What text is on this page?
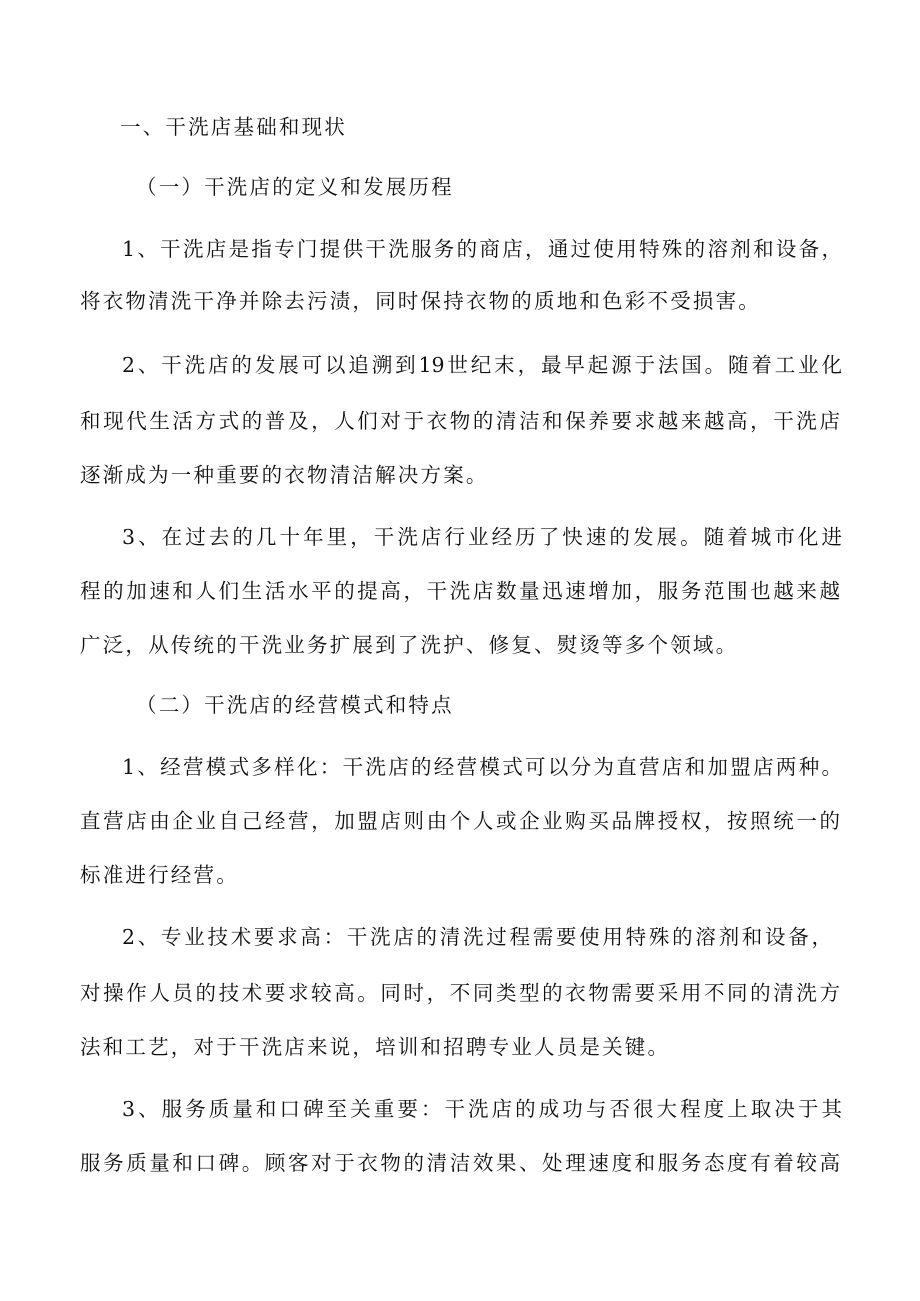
一、干洗店基础和现状
（一）干洗店的定义和发展历程
1、干洗店是指专门提供干洗服务的商店，通过使用特殊的溶剂和设备，
将衣物清洗干净并除去污渍，同时保持衣物的质地和色彩不受损害。
2、干洗店的发展可以追溯到19世纪末，最早起源于法国。随着工业化
和现代生活方式的普及，人们对于衣物的清洁和保养要求越来越高，干洗店
逐渐成为一种重要的衣物清洁解决方案。
3、在过去的几十年里，干洗店行业经历了快速的发展。随着城市化进
程的加速和人们生活水平的提高，干洗店数量迅速增加，服务范围也越来越
广泛，从传统的干洗业务扩展到了洗护、修复、熨烫等多个领域。
（二）干洗店的经营模式和特点
1、经营模式多样化：干洗店的经营模式可以分为直营店和加盟店两种。
直营店由企业自己经营，加盟店则由个人或企业购买品牌授权，按照统一的
标准进行经营。
2、专业技术要求高：干洗店的清洗过程需要使用特殊的溶剂和设备，
对操作人员的技术要求较高。同时，不同类型的衣物需要采用不同的清洗方
法和工艺，对于干洗店来说，培训和招聘专业人员是关键。
3、服务质量和口碑至关重要：干洗店的成功与否很大程度上取决于其
服务质量和口碑。顾客对于衣物的清洁效果、处理速度和服务态度有着较高
